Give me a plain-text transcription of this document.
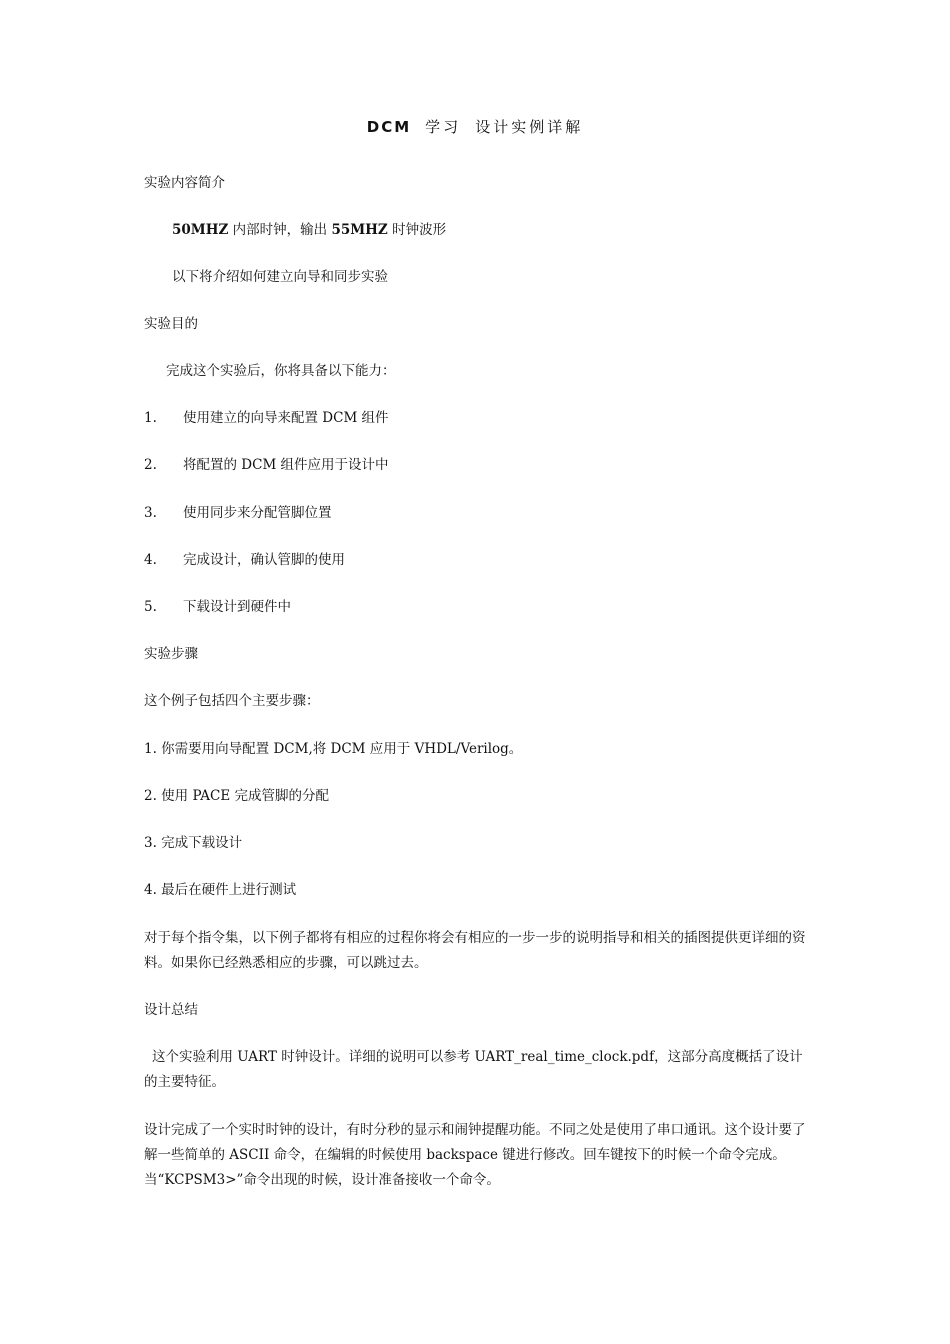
DCM 学习 设计实例详解
实验内容简介
50MHZ 内部时钟，输出 55MHZ 时钟波形
以下将介绍如何建立向导和同步实验
实验目的
完成这个实验后，你将具备以下能力：
1. 使用建立的向导来配置 DCM 组件
2. 将配置的 DCM 组件应用于设计中
3. 使用同步来分配管脚位置
4. 完成设计，确认管脚的使用
5. 下载设计到硬件中
实验步骤
这个例子包括四个主要步骤：
1. 你需要用向导配置 DCM,将 DCM 应用于 VHDL/Verilog。
2. 使用 PACE 完成管脚的分配
3. 完成下载设计
4. 最后在硬件上进行测试
对于每个指令集，以下例子都将有相应的过程你将会有相应的一步一步的说明指导和相关的插图提供更详细的资料。如果你已经熟悉相应的步骤，可以跳过去。
设计总结
这个实验利用 UART 时钟设计。详细的说明可以参考 UART_real_time_clock.pdf，这部分高度概括了设计的主要特征。
设计完成了一个实时时钟的设计，有时分秒的显示和闹钟提醒功能。不同之处是使用了串口通讯。这个设计要了解一些简单的 ASCII 命令，在编辑的时候使用 backspace 键进行修改。回车键按下的时候一个命令完成。当“KCPSM3>”命令出现的时候，设计准备接收一个命令。
